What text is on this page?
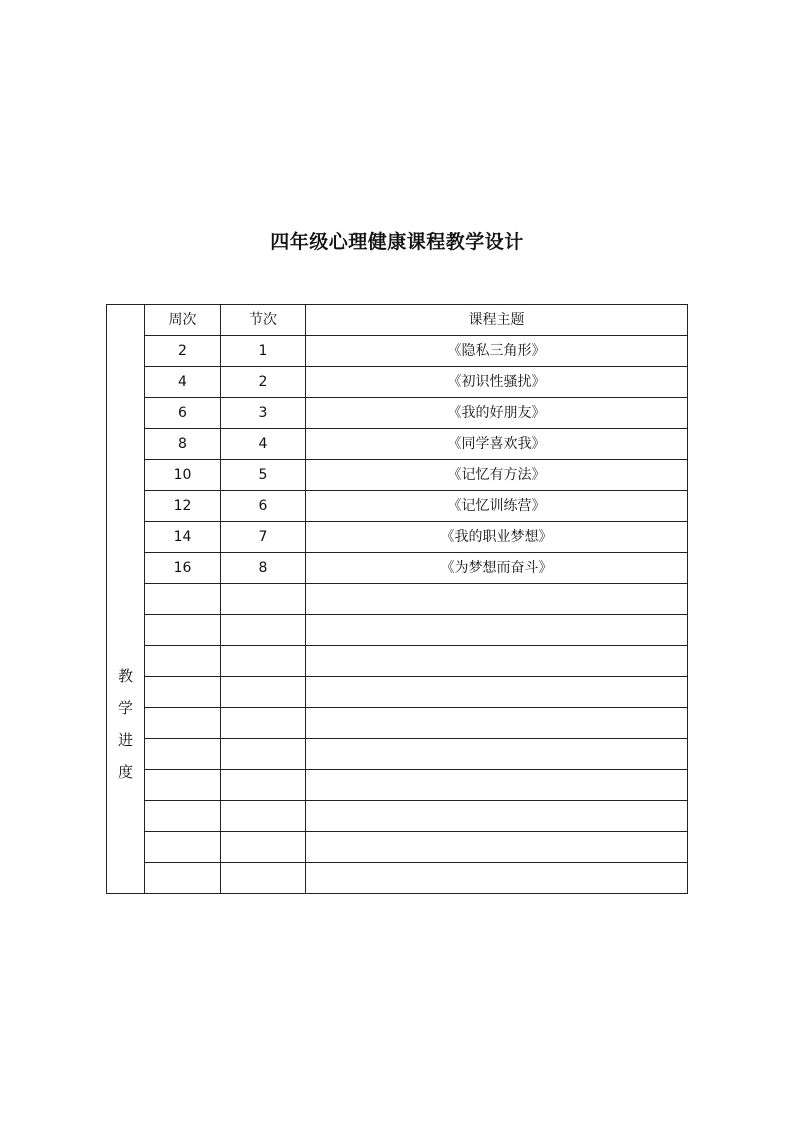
四年级心理健康课程教学设计
教
学
进
度	周次	节次	课程主题
	2	1	《隐私三角形》
	4	2	《初识性骚扰》
	6	3	《我的好朋友》
	8	4	《同学喜欢我》
	10	5	《记忆有方法》
	12	6	《记忆训练营》
	14	7	《我的职业梦想》
	16	8	《为梦想而奋斗》
